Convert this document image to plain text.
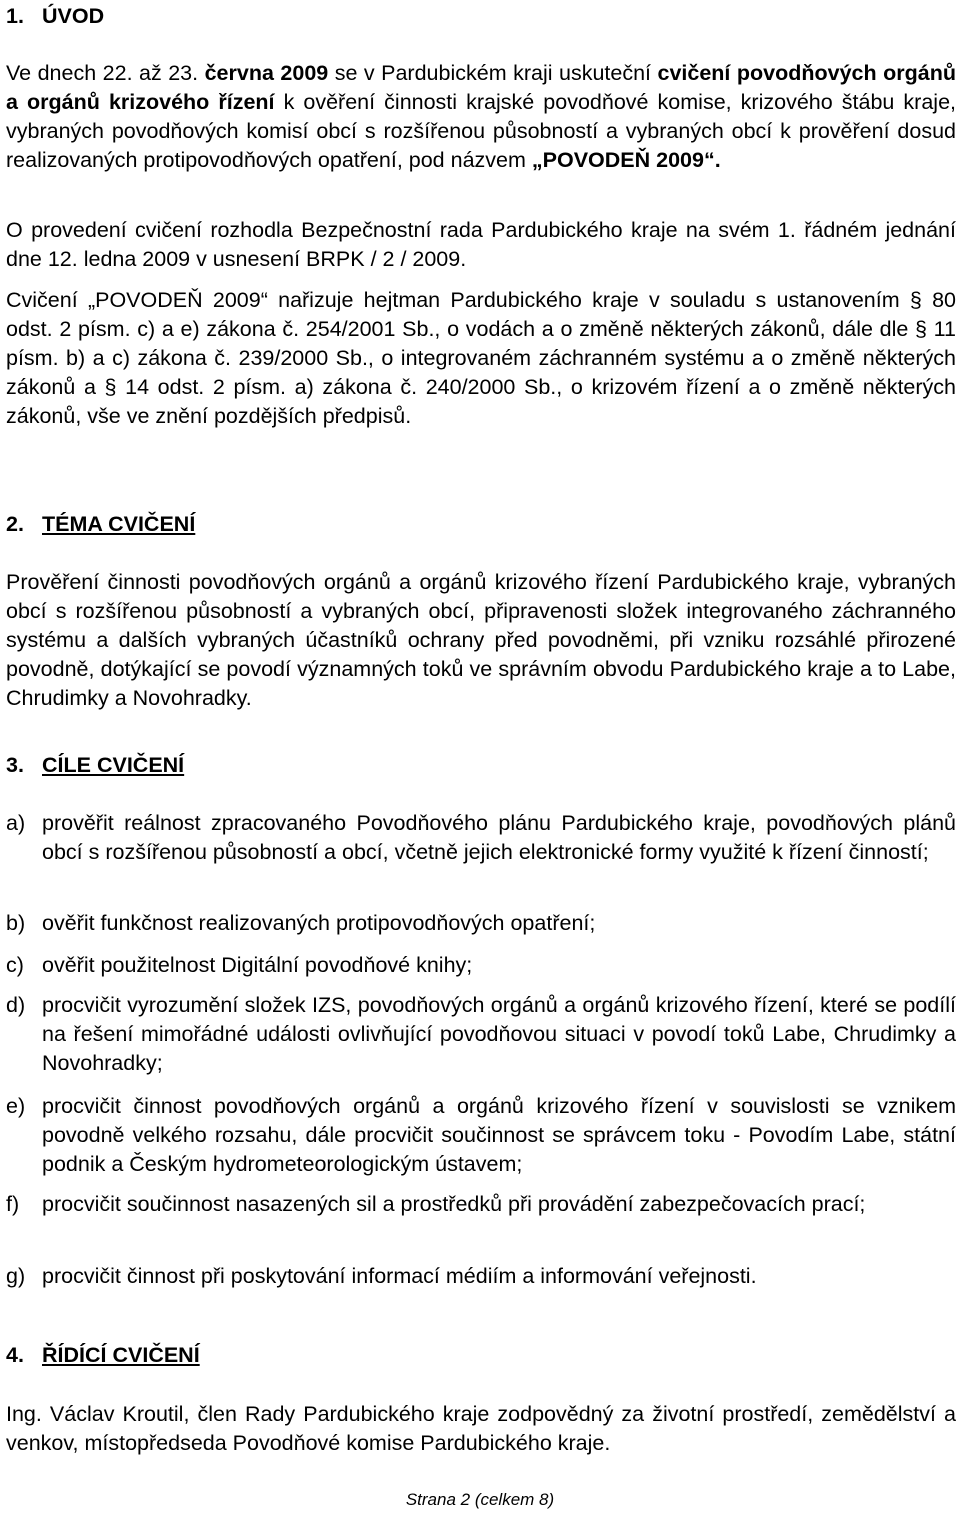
1. ÚVOD
Ve dnech 22. až 23. června 2009 se v Pardubickém kraji uskuteční cvičení povodňových orgánů a orgánů krizového řízení k ověření činnosti krajské povodňové komise, krizového štábu kraje, vybraných povodňových komisí obcí s rozšířenou působností a vybraných obcí k prověření dosud realizovaných protipovodňových opatření, pod názvem „POVODEŇ 2009“.
O provedení cvičení rozhodla Bezpečnostní rada Pardubického kraje na svém 1. řádném jednání dne 12. ledna 2009 v usnesení BRPK / 2 / 2009.
Cvičení „POVODEŇ 2009“ nařizuje hejtman Pardubického kraje v souladu s ustanovením § 80 odst. 2 písm. c) a e) zákona č. 254/2001 Sb., o vodách a o změně některých zákonů, dále dle § 11 písm. b) a c) zákona č. 239/2000 Sb., o integrovaném záchranném systému a o změně některých zákonů a § 14 odst. 2 písm. a) zákona č. 240/2000 Sb., o krizovém řízení a o změně některých zákonů, vše ve znění pozdějších předpisů.
2. TÉMA CVIČENÍ
Prověření činnosti povodňových orgánů a orgánů krizového řízení Pardubického kraje, vybraných obcí s rozšířenou působností a vybraných obcí, připravenosti složek integrovaného záchranného systému a dalších vybraných účastníků ochrany před povodněmi, při vzniku rozsáhlé přirozené povodně, dotýkající se povodí významných toků ve správním obvodu Pardubického kraje a to Labe, Chrudimky a Novohradky.
3. CÍLE CVIČENÍ
a) prověřit reálnost zpracovaného Povodňového plánu Pardubického kraje, povodňových plánů obcí s rozšířenou působností a obcí, včetně jejich elektronické formy využité k řízení činností;
b) ověřit funkčnost realizovaných protipovodňových opatření;
c) ověřit použitelnost Digitální povodňové knihy;
d) procvičit vyrozumění složek IZS, povodňových orgánů a orgánů krizového řízení, které se podílí na řešení mimořádné události ovlivňující povodňovou situaci v povodí toků Labe, Chrudimky a Novohradky;
e) procvičit činnost povodňových orgánů a orgánů krizového řízení v souvislosti se vznikem povodně velkého rozsahu, dále procvičit součinnost se správcem toku - Povodím Labe, státní podnik a Českým hydrometeorologickým ústavem;
f)	procvičit součinnost nasazených sil a prostředků při provádění zabezpečovacích prací;
g) procvičit činnost při poskytování informací médiím a informování veřejnosti.
4. ŘÍDÍCÍ CVIČENÍ
Ing. Václav Kroutil, člen Rady Pardubického kraje zodpovědný za životní prostředí, zemědělství a venkov, místopředseda Povodňové komise Pardubického kraje.
Strana 2 (celkem 8)
